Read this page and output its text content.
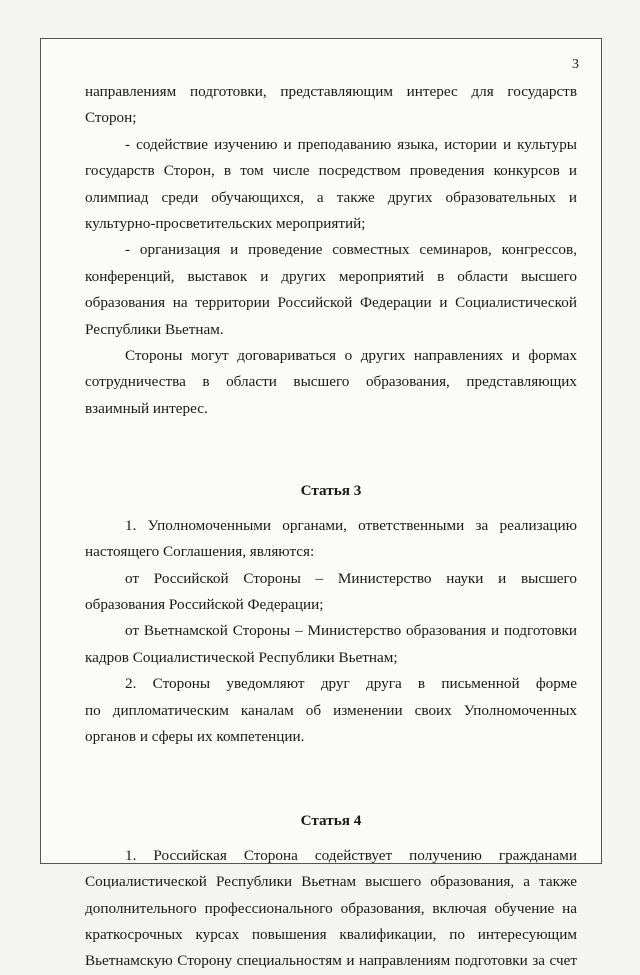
3

направлениям подготовки, представляющим интерес для государств

Сторон;

- содействие изучению и преподаванию языка, истории и культуры

государств Сторон, в том числе посредством проведения конкурсов и

олимпиад среди обучающихся, а также других образовательных и

культурно-просветительских мероприятий;

- организация и проведение совместных семинаров, конгрессов,

конференций, выставок и других мероприятий в области высшего

образования на территории Российской Федерации и Социалистической

Республики Вьетнам.

Стороны могут договариваться о других направлениях и формах

сотрудничества в области высшего образования, представляющих

взаимный интерес.

Статья 3

1. Уполномоченными органами, ответственными за реализацию

настоящего Соглашения, являются:

от Российской Стороны – Министерство науки и высшего

образования Российской Федерации;

от Вьетнамской Стороны – Министерство образования и подготовки

кадров Социалистической Республики Вьетнам;

2. Стороны уведомляют друг друга в письменной форме

по дипломатическим каналам об изменении своих Уполномоченных

органов и сферы их компетенции.

Статья 4

1. Российская Сторона содействует получению гражданами

Социалистической Республики Вьетнам высшего образования, а также

дополнительного профессионального образования, включая обучение на

краткосрочных курсах повышения квалификации, по интересующим

Вьетнамскую Сторону специальностям и направлениям подготовки за счет
